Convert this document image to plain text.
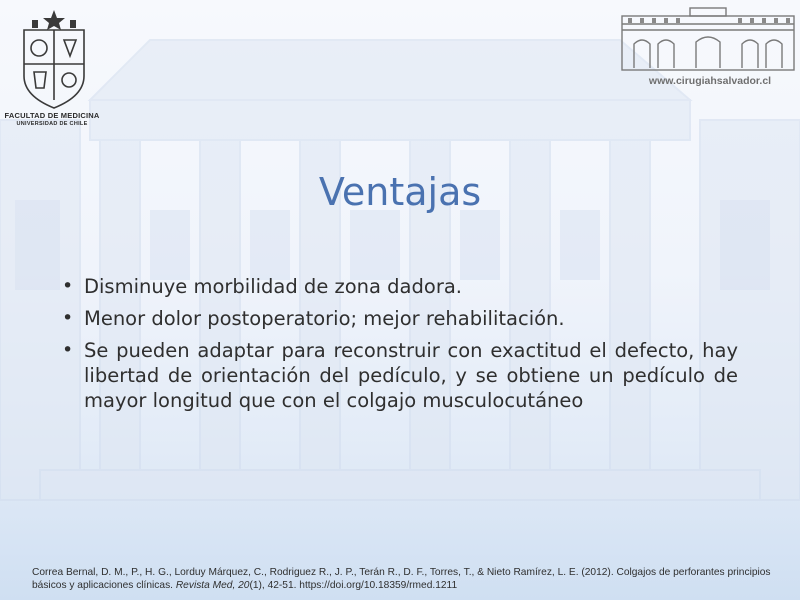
FACULTAD DE MEDICINA
UNIVERSIDAD DE CHILE
www.cirugiahsalvador.cl
Ventajas
• Disminuye morbilidad de zona dadora.
• Menor dolor postoperatorio; mejor rehabilitación.
• Se pueden adaptar para reconstruir con exactitud el defecto, hay libertad de orientación del pedículo, y se obtiene un pedículo de mayor longitud que con el colgajo musculocutáneo
Correa Bernal, D. M., P., H. G., Lorduy Márquez, C., Rodriguez R., J. P., Terán R., D. F., Torres, T., & Nieto Ramírez, L. E. (2012). Colgajos de perforantes principios básicos y aplicaciones clínicas. Revista Med, 20(1), 42-51. https://doi.org/10.18359/rmed.1211
